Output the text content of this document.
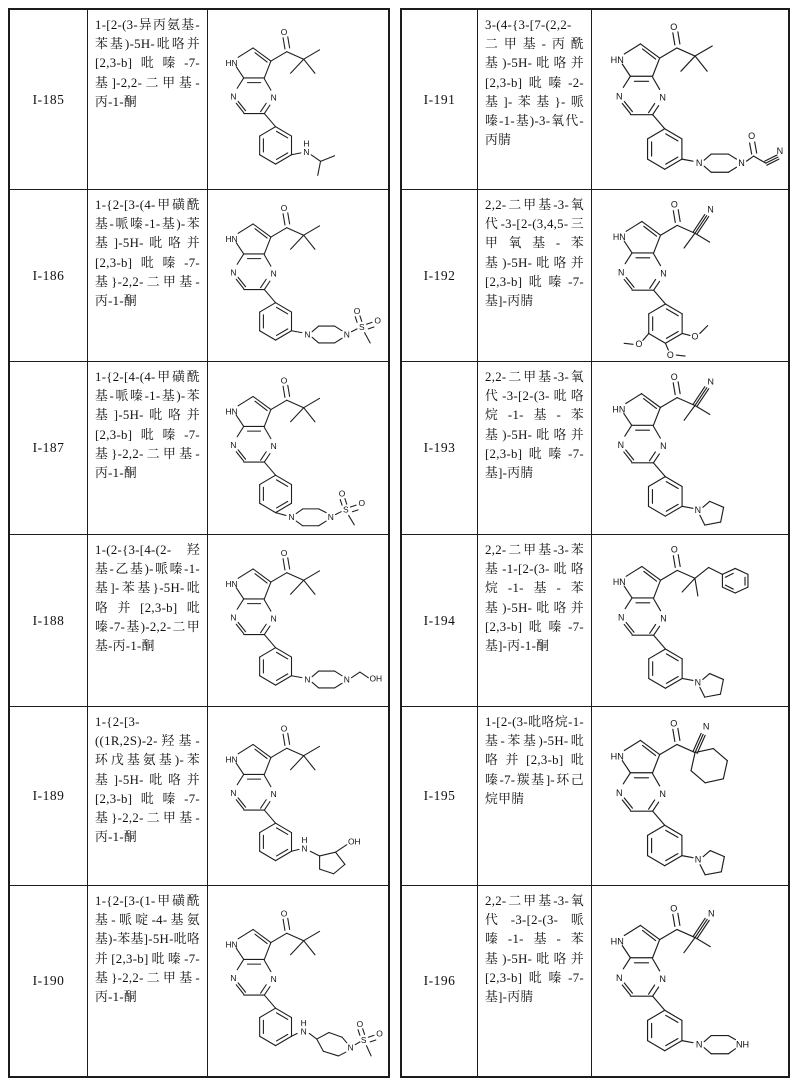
I-185
1-[2-(3-异丙氨基-苯基)-5H-吡咯并[2,3-b]吡嗪-7-基]-2,2-二甲基-丙-1-酮
HN
N	N
O
H
N
I-186
1-{2-[3-(4-甲磺酰基-哌嗪-1-基)-苯基]-5H-吡咯并[2,3-b]吡嗪-7-基}-2,2-二甲基-丙-1-酮
HN
N	N
O
N	N
S
O
O
I-187
1-{2-[4-(4-甲磺酰基-哌嗪-1-基)-苯基]-5H-吡咯并[2,3-b]吡嗪-7-基}-2,2-二甲基-丙-1-酮
HN
N	N
O
N	N
S
O
O
I-188
1-(2-{3-[4-(2-羟基-乙基)-哌嗪-1-基]-苯基}-5H-吡咯并[2,3-b]吡嗪-7-基)-2,2-二甲基-丙-1-酮
HN
N	N
O
N	N OH
I-189
1-{2-[3-((1R,2S)-2-羟基-环戊基氨基)-苯基]-5H-吡咯并[2,3-b]吡嗪-7-基}-2,2-二甲基-丙-1-酮
HN
N	N
O
H
N
OH
I-190
1-{2-[3-(1-甲磺酰基-哌啶-4-基氨基)-苯基]-5H-吡咯并[2,3-b]吡嗪-7-基}-2,2-二甲基-丙-1-酮
HN
N	N
O
H
N
N
S
O
O
I-191
3-(4-{3-[7-(2,2-二甲基-丙酰基)-5H-吡咯并[2,3-b]吡嗪-2-基]-苯基}-哌嗪-1-基)-3-氧代-丙腈
HN
N	N
O
N	N
O
N
I-192
2,2-二甲基-3-氧代-3-[2-(3,4,5-三甲氧基-苯基)-5H-吡咯并[2,3-b]吡嗪-7-基]-丙腈
HN
N	N
O	N
O
O
O
I-193
2,2-二甲基-3-氧代-3-[2-(3-吡咯烷-1-基-苯基)-5H-吡咯并[2,3-b]吡嗪-7-基]-丙腈
HN
N	N
O	N
N
I-194
2,2-二甲基-3-苯基-1-[2-(3-吡咯烷-1-基-苯基)-5H-吡咯并[2,3-b]吡嗪-7-基]-丙-1-酮
HN
N	N
O
N
I-195
1-[2-(3-吡咯烷-1-基-苯基)-5H-吡咯并[2,3-b]吡嗪-7-羰基]-环己烷甲腈
HN
N	N
O	N
N
I-196
2,2-二甲基-3-氧代-3-[2-(3-哌嗪-1-基-苯基)-5H-吡咯并[2,3-b]吡嗪-7-基]-丙腈
HN
N	N
O
N
N	NH
